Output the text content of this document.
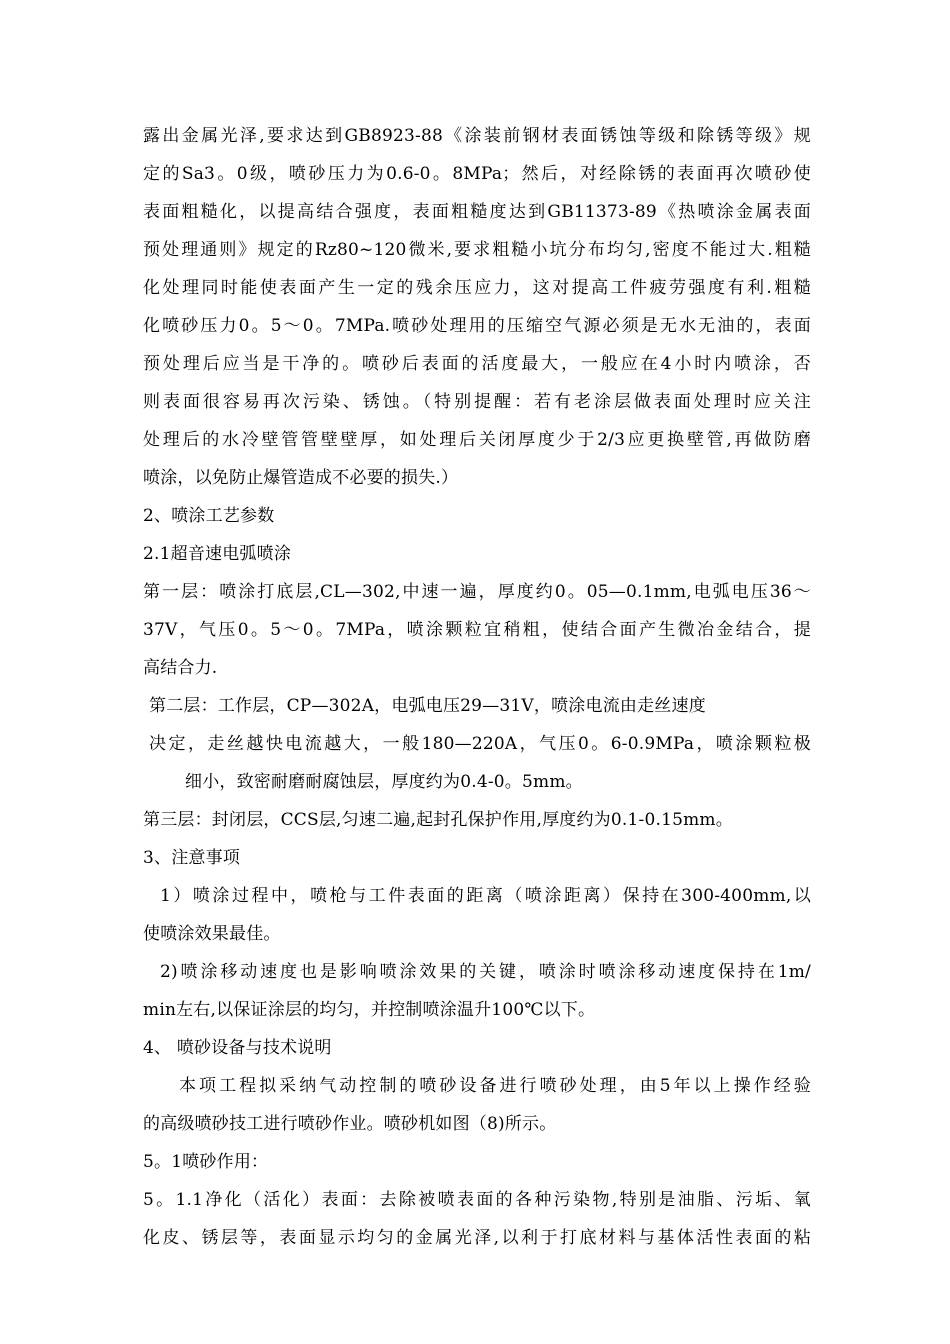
露出金属光泽,要求达到GB8923-88《涂装前钢材表面锈蚀等级和除锈等级》规
定的Sa3。0级，喷砂压力为0.6-0。8MPa；然后，对经除锈的表面再次喷砂使
表面粗糙化，以提高结合强度，表面粗糙度达到GB11373-89《热喷涂金属表面
预处理通则》规定的Rz80~120微米,要求粗糙小坑分布均匀,密度不能过大.粗糙
化处理同时能使表面产生一定的残余压应力，这对提高工件疲劳强度有利.粗糙
化喷砂压力0。5～0。7MPa.喷砂处理用的压缩空气源必须是无水无油的，表面
预处理后应当是干净的。喷砂后表面的活度最大，一般应在4小时内喷涂，否
则表面很容易再次污染、锈蚀。（特别提醒：若有老涂层做表面处理时应关注
处理后的水冷壁管管壁壁厚，如处理后关闭厚度少于2/3应更换壁管,再做防磨
喷涂，以免防止爆管造成不必要的损失.）
2、喷涂工艺参数
2.1超音速电弧喷涂
第一层：喷涂打底层,CL—302,中速一遍，厚度约0。05—0.1mm,电弧电压36～
37V，气压0。5～0。7MPa，喷涂颗粒宜稍粗，使结合面产生微冶金结合，提
高结合力.
第二层：工作层，CP—302A，电弧电压29—31V，喷涂电流由走丝速度
决定，走丝越快电流越大，一般180—220A，气压0。6-0.9MPa，喷涂颗粒极
细小，致密耐磨耐腐蚀层，厚度约为0.4-0。5mm。
第三层：封闭层，CCS层,匀速二遍,起封孔保护作用,厚度约为0.1-0.15mm。
3、注意事项
1）喷涂过程中，喷枪与工件表面的距离（喷涂距离）保持在300-400mm,以
使喷涂效果最佳。
2)喷涂移动速度也是影响喷涂效果的关键，喷涂时喷涂移动速度保持在1m/
min左右,以保证涂层的均匀，并控制喷涂温升100℃以下。
4、 喷砂设备与技术说明
本项工程拟采纳气动控制的喷砂设备进行喷砂处理，由5年以上操作经验
的高级喷砂技工进行喷砂作业。喷砂机如图（8)所示。
5。1喷砂作用：
5。1.1净化（活化）表面：去除被喷表面的各种污染物,特别是油脂、污垢、氧
化皮、锈层等，表面显示均匀的金属光泽,以利于打底材料与基体活性表面的粘
